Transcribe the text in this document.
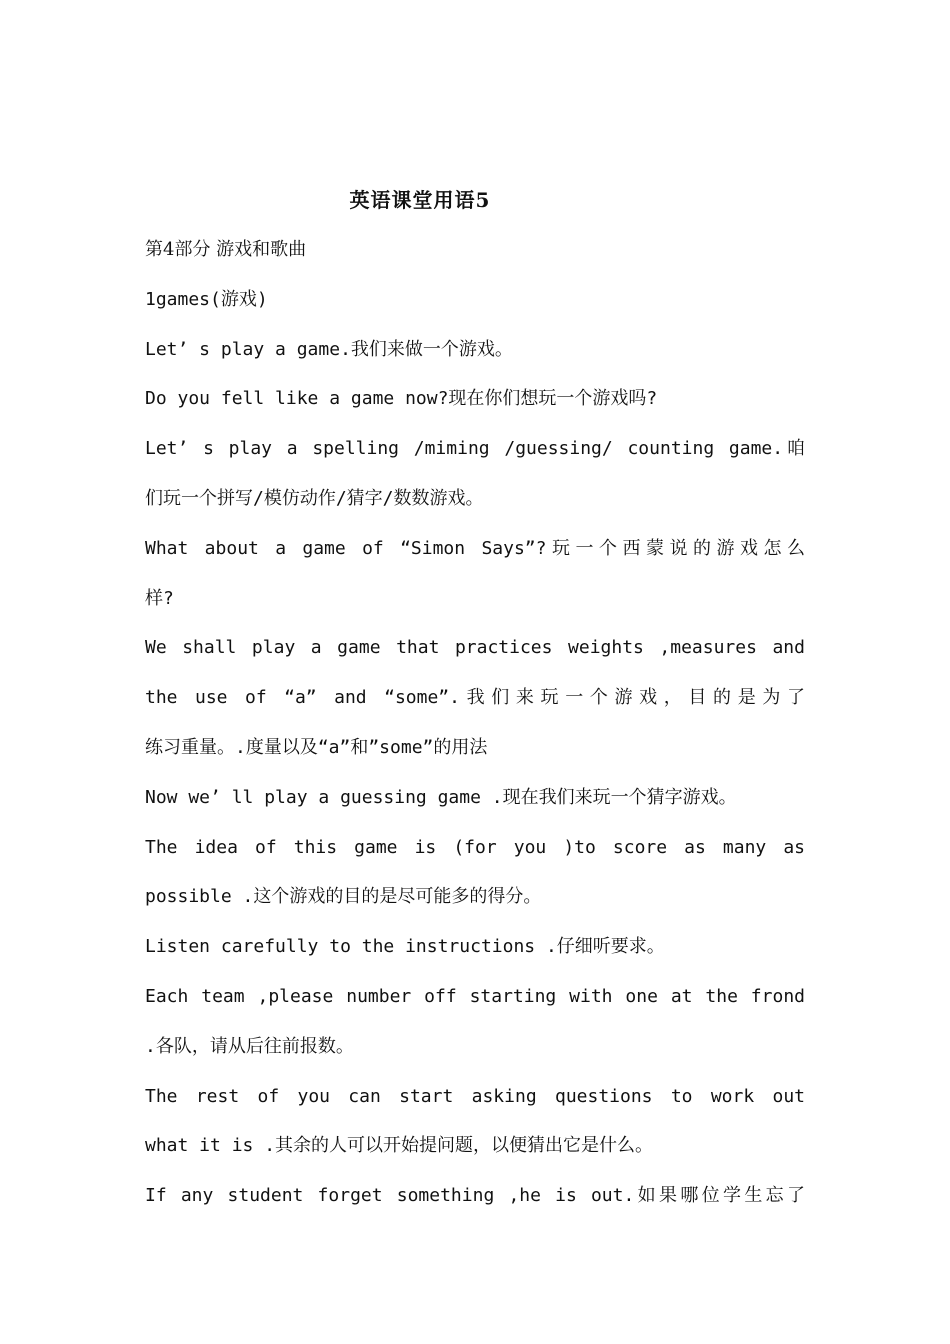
英语课堂用语5
第4部分 游戏和歌曲
1games(游戏)
Let’ s play a game.我们来做一个游戏。
Do you fell like a game now?现在你们想玩一个游戏吗?
Let’ s play a spelling /miming /guessing/ counting game.咱
们玩一个拼写/模仿动作/猜字/数数游戏。
What about a game of “Simon Says”?玩一个西蒙说的游戏怎么
样?
We shall play a game that practices weights ,measures and
the use of “a” and “some”.我们来玩一个游戏，目的是为了
练习重量。.度量以及“a”和”some”的用法
Now we’ ll play a guessing game .现在我们来玩一个猜字游戏。
The idea of this game is (for you )to score as many as
possible .这个游戏的目的是尽可能多的得分。
Listen carefully to the instructions .仔细听要求。
Each team ,please number off starting with one at the frond
.各队，请从后往前报数。
The rest of you can start asking questions to work out
what it is .其余的人可以开始提问题，以便猜出它是什么。
If any student forget something ,he is out.如果哪位学生忘了
